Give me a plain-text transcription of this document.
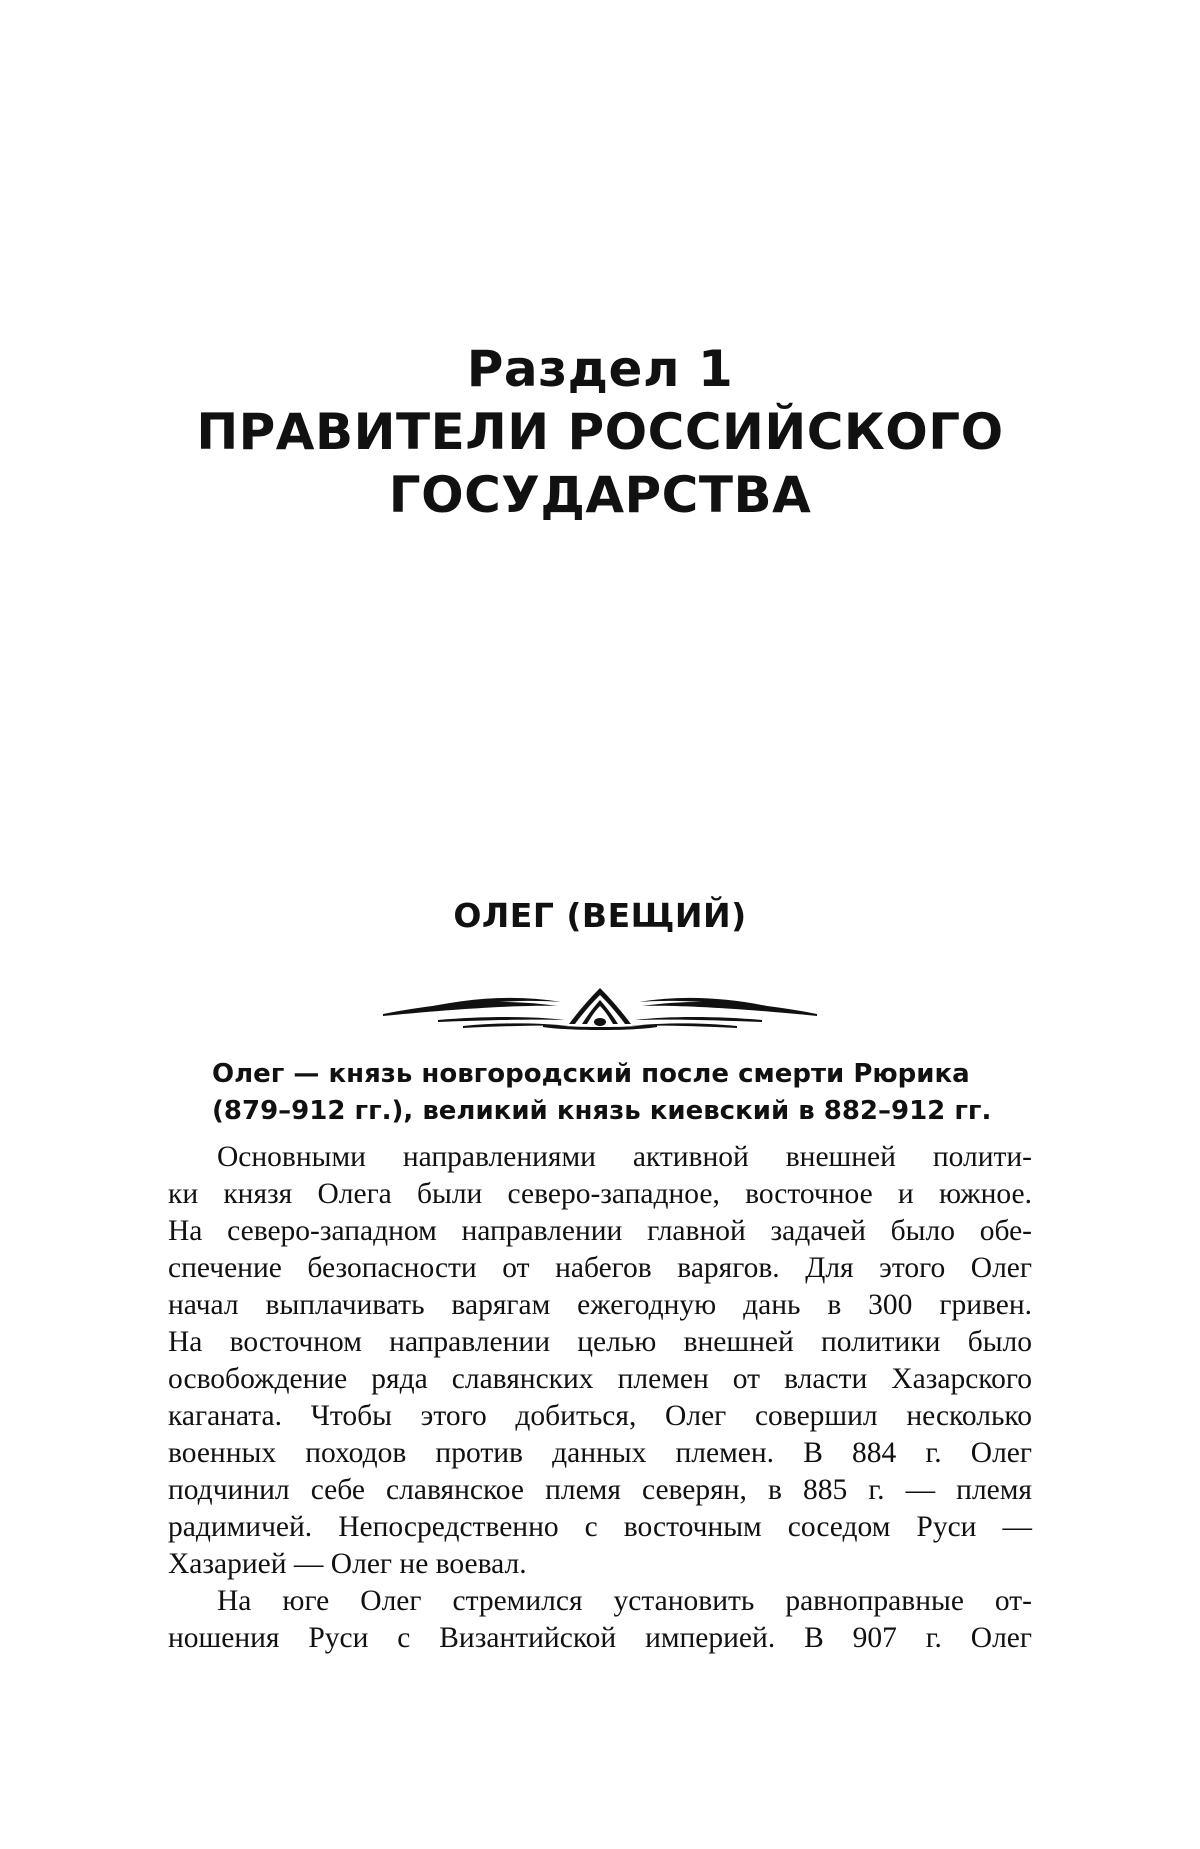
Раздел 1
ПРАВИТЕЛИ РОССИЙСКОГО
ГОСУДАРСТВА
ОЛЕГ (ВЕЩИЙ)
Олег — князь новгородский после смерти Рюрика
(879–912 гг.), великий князь киевский в 882–912 гг.

Основными направлениями активной внешней полити-
ки князя Олега были северо-западное, восточное и южное.
На северо-западном направлении главной задачей было обе-
спечение безопасности от набегов варягов. Для этого Олег
начал выплачивать варягам ежегодную дань в 300 гривен.
На восточном направлении целью внешней политики было
освобождение ряда славянских племен от власти Хазарского
каганата. Чтобы этого добиться, Олег совершил несколько
военных походов против данных племен. В 884 г. Олег
подчинил себе славянское племя северян, в 885 г. — племя
радимичей. Непосредственно с восточным соседом Руси —
Хазарией — Олег не воевал.

На юге Олег стремился установить равноправные от-
ношения Руси с Византийской империей. В 907 г. Олег
